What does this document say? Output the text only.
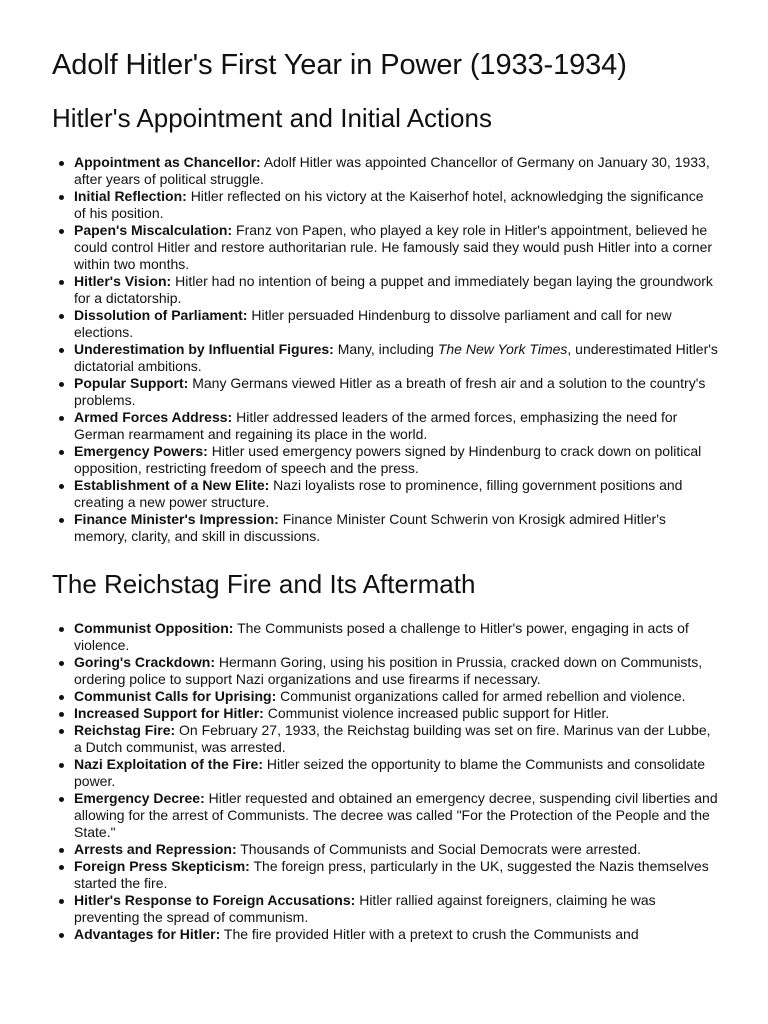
Adolf Hitler's First Year in Power (1933-1934)
Hitler's Appointment and Initial Actions
Appointment as Chancellor: Adolf Hitler was appointed Chancellor of Germany on January 30, 1933, after years of political struggle.
Initial Reflection: Hitler reflected on his victory at the Kaiserhof hotel, acknowledging the significance of his position.
Papen's Miscalculation: Franz von Papen, who played a key role in Hitler's appointment, believed he could control Hitler and restore authoritarian rule. He famously said they would push Hitler into a corner within two months.
Hitler's Vision: Hitler had no intention of being a puppet and immediately began laying the groundwork for a dictatorship.
Dissolution of Parliament: Hitler persuaded Hindenburg to dissolve parliament and call for new elections.
Underestimation by Influential Figures: Many, including The New York Times, underestimated Hitler's dictatorial ambitions.
Popular Support: Many Germans viewed Hitler as a breath of fresh air and a solution to the country's problems.
Armed Forces Address: Hitler addressed leaders of the armed forces, emphasizing the need for German rearmament and regaining its place in the world.
Emergency Powers: Hitler used emergency powers signed by Hindenburg to crack down on political opposition, restricting freedom of speech and the press.
Establishment of a New Elite: Nazi loyalists rose to prominence, filling government positions and creating a new power structure.
Finance Minister's Impression: Finance Minister Count Schwerin von Krosigk admired Hitler's memory, clarity, and skill in discussions.
The Reichstag Fire and Its Aftermath
Communist Opposition: The Communists posed a challenge to Hitler's power, engaging in acts of violence.
Goring's Crackdown: Hermann Goring, using his position in Prussia, cracked down on Communists, ordering police to support Nazi organizations and use firearms if necessary.
Communist Calls for Uprising: Communist organizations called for armed rebellion and violence.
Increased Support for Hitler: Communist violence increased public support for Hitler.
Reichstag Fire: On February 27, 1933, the Reichstag building was set on fire. Marinus van der Lubbe, a Dutch communist, was arrested.
Nazi Exploitation of the Fire: Hitler seized the opportunity to blame the Communists and consolidate power.
Emergency Decree: Hitler requested and obtained an emergency decree, suspending civil liberties and allowing for the arrest of Communists. The decree was called "For the Protection of the People and the State."
Arrests and Repression: Thousands of Communists and Social Democrats were arrested.
Foreign Press Skepticism: The foreign press, particularly in the UK, suggested the Nazis themselves started the fire.
Hitler's Response to Foreign Accusations: Hitler rallied against foreigners, claiming he was preventing the spread of communism.
Advantages for Hitler: The fire provided Hitler with a pretext to crush the Communists and
